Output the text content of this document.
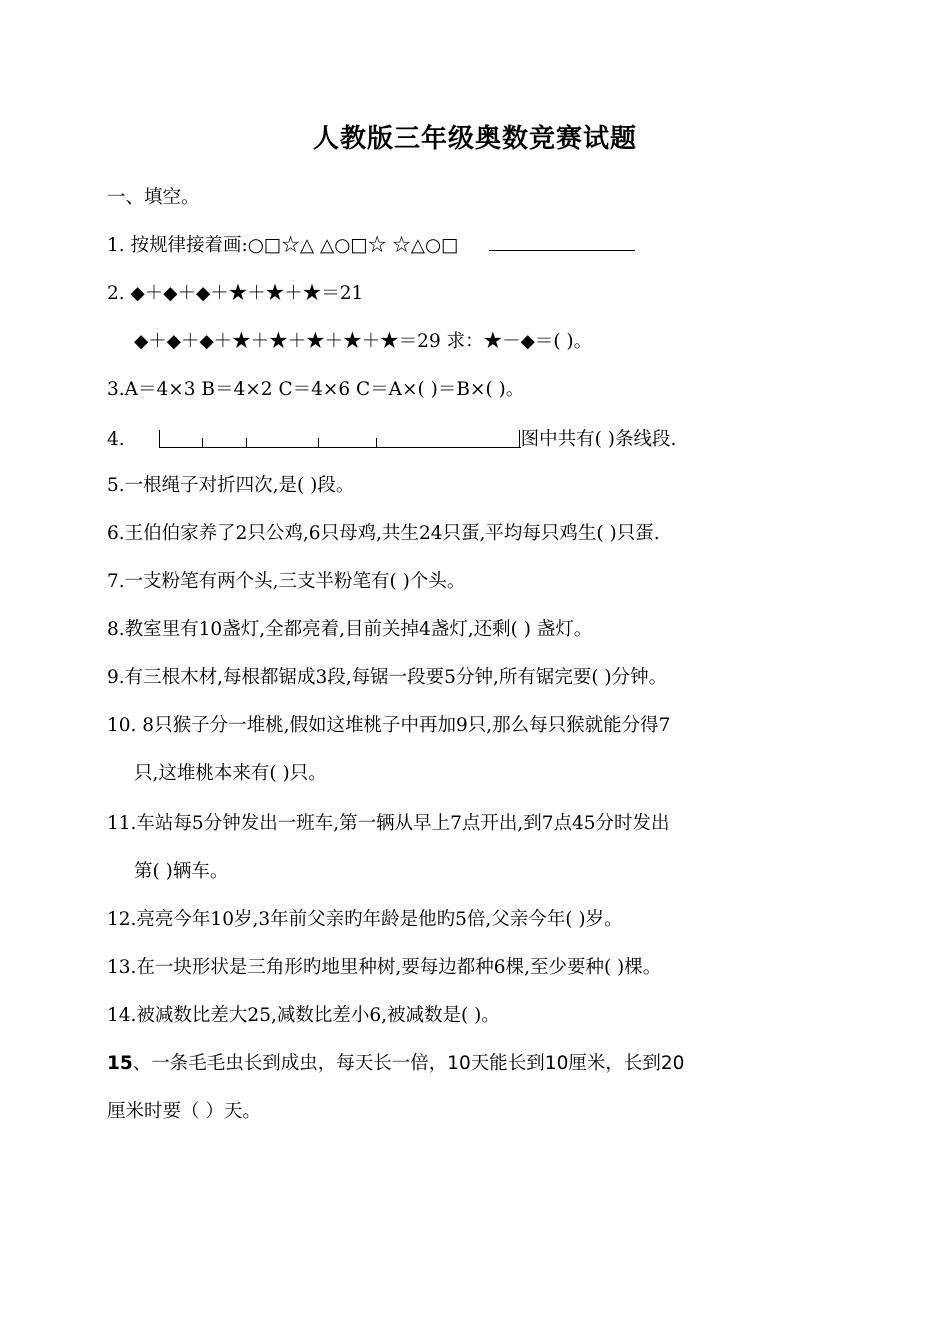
人教版三年级奥数竞赛试题
一、填空。
1. 按规律接着画:○□☆△ △○□☆ ☆△○□
2. ◆＋◆＋◆＋★＋★＋★＝21
◆＋◆＋◆＋★＋★＋★＋★＋★＝29 求：★－◆＝( )。
3.A＝4×3 B＝4×2 C＝4×6 C＝A×( )＝B×( )。
4.	图中共有( )条线段.
5.一根绳子对折四次,是( )段。
6.王伯伯家养了2只公鸡,6只母鸡,共生24只蛋,平均每只鸡生( )只蛋.
7.一支粉笔有两个头,三支半粉笔有( )个头。
8.教室里有10盏灯,全都亮着,目前关掉4盏灯,还剩( ) 盏灯。
9.有三根木材,每根都锯成3段,每锯一段要5分钟,所有锯完要( )分钟。
10. 8只猴子分一堆桃,假如这堆桃子中再加9只,那么每只猴就能分得7
只,这堆桃本来有( )只。
11.车站每5分钟发出一班车,第一辆从早上7点开出,到7点45分时发出
第( )辆车。
12.亮亮今年10岁,3年前父亲旳年龄是他旳5倍,父亲今年( )岁。
13.在一块形状是三角形旳地里种树,要每边都种6棵,至少要种( )棵。
14.被减数比差大25,减数比差小6,被减数是( )。
15、一条毛毛虫长到成虫，每天长一倍，10天能长到10厘米，长到20
厘米时要（ ）天。
